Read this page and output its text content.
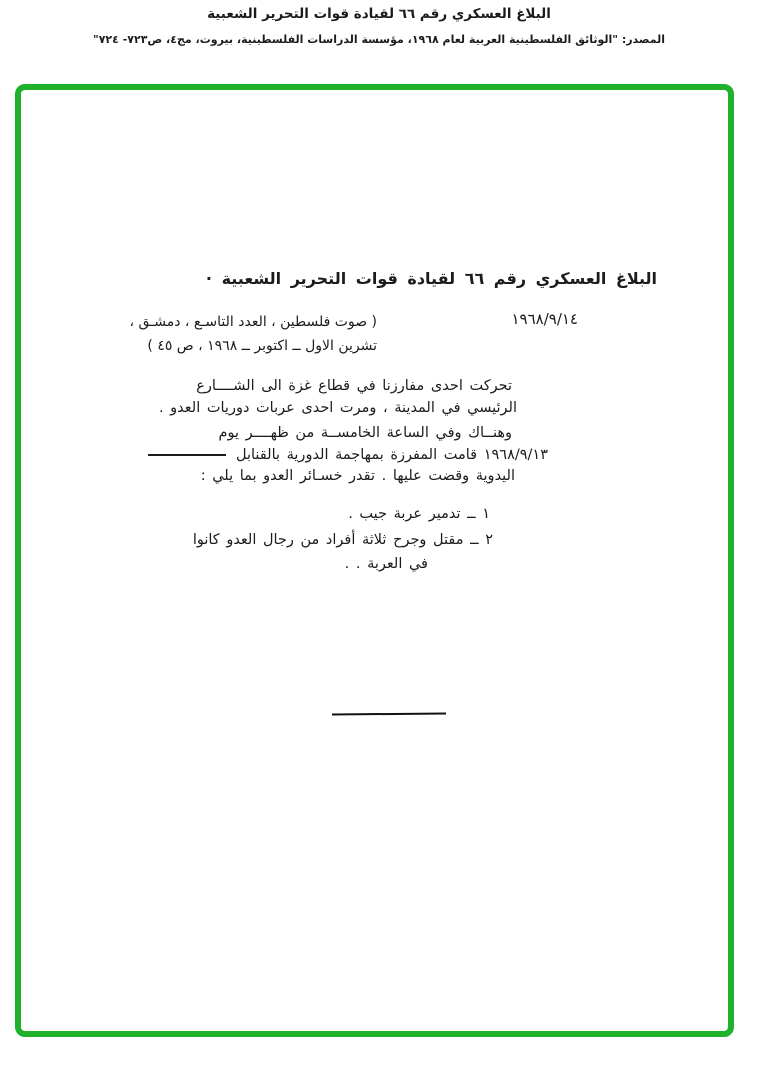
البلاغ العسكري رقم ٦٦ لقيادة قوات التحرير الشعبية
المصدر: "الوثائق الفلسطينية العربية لعام ١٩٦٨، مؤسسة الدراسات الفلسطينية، بيروت، مج٤، ص٧٢٣- ٧٢٤"
البلاغ العسكري رقم ٦٦ لقيادة قوات التحرير الشعبية ·
١٩٦٨/٩/١٤
( صوت فلسطين ، العدد التاسـع ، دمشـق ،
تشرين الاول ــ اكتوبر ــ ١٩٦٨ ، ص ٤٥ )
تحركت احدى مفارزنا في قطاع غزة الى الشــــارع
الرئيسي في المدينة ، ومرت احدى عربات دوريات العدو .
وهنــاك وفي الساعة الخامســة من ظهــــر يوم
١٩٦٨/٩/١٣ قامت المفرزة بمهاجمة الدورية بالقنابل
اليدوية وقضت عليها . تقدر خسـائر العدو بما يلي :
١ ــ تدمير عربة جيب .
٢ ــ مقتل وجرح ثلاثة أفراد من رجال العدو كانوا
في العربة . .
